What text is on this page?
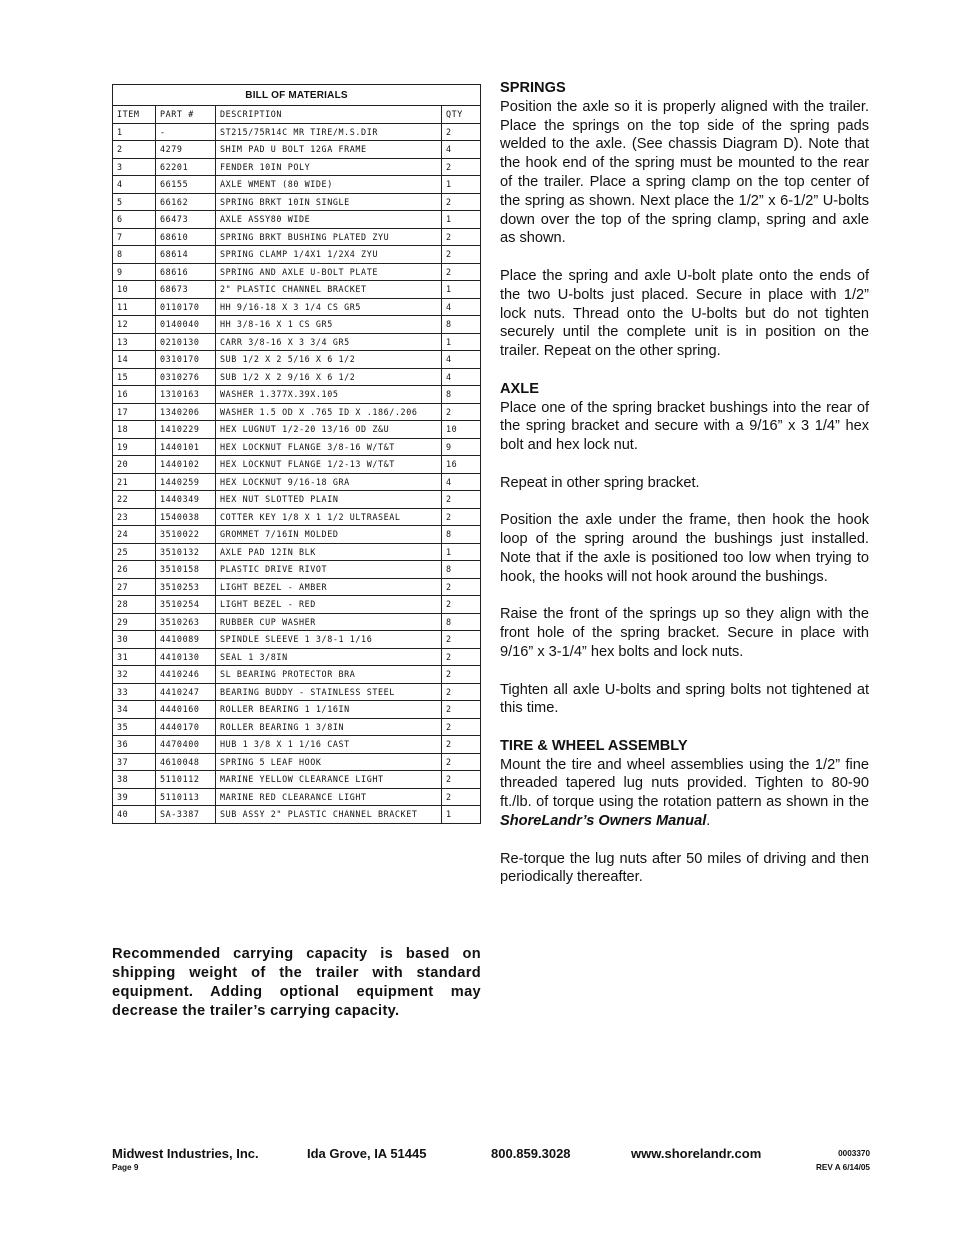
BILL OF MATERIALS			
ITEM	PART #	DESCRIPTION	QTY
1	-	ST215/75R14C MR TIRE/M.S.DIR	2
2	4279	SHIM PAD U BOLT 12GA FRAME	4
3	62201	FENDER 10IN POLY	2
4	66155	AXLE WMENT (80 WIDE)	1
5	66162	SPRING BRKT 10IN SINGLE	2
6	66473	AXLE ASSY80 WIDE	1
7	68610	SPRING BRKT BUSHING PLATED ZYU	2
8	68614	SPRING CLAMP 1/4X1 1/2X4 ZYU	2
9	68616	SPRING AND AXLE U-BOLT PLATE	2
10	68673	2" PLASTIC CHANNEL BRACKET	1
11	0110170	HH 9/16-18 X 3 1/4 CS GR5	4
12	0140040	HH 3/8-16 X 1 CS GR5	8
13	0210130	CARR 3/8-16 X 3 3/4 GR5	1
14	0310170	SUB 1/2 X 2 5/16 X 6 1/2	4
15	0310276	SUB 1/2 X 2 9/16 X 6 1/2	4
16	1310163	WASHER 1.377X.39X.105	8
17	1340206	WASHER 1.5 OD X .765 ID X .186/.206	2
18	1410229	HEX LUGNUT 1/2-20 13/16 OD Z&U	10
19	1440101	HEX LOCKNUT FLANGE 3/8-16 W/T&T	9
20	1440102	HEX LOCKNUT FLANGE 1/2-13 W/T&T	16
21	1440259	HEX LOCKNUT 9/16-18 GRA	4
22	1440349	HEX NUT SLOTTED PLAIN	2
23	1540038	COTTER KEY 1/8 X 1 1/2 ULTRASEAL	2
24	3510022	GROMMET 7/16IN MOLDED	8
25	3510132	AXLE PAD 12IN BLK	1
26	3510158	PLASTIC DRIVE RIVOT	8
27	3510253	LIGHT BEZEL - AMBER	2
28	3510254	LIGHT BEZEL - RED	2
29	3510263	RUBBER CUP WASHER	8
30	4410089	SPINDLE SLEEVE 1 3/8-1 1/16	2
31	4410130	SEAL 1 3/8IN	2
32	4410246	SL BEARING PROTECTOR BRA	2
33	4410247	BEARING BUDDY - STAINLESS STEEL	2
34	4440160	ROLLER BEARING 1 1/16IN	2
35	4440170	ROLLER BEARING 1 3/8IN	2
36	4470400	HUB 1 3/8 X 1 1/16 CAST	2
37	4610048	SPRING 5 LEAF HOOK	2
38	5110112	MARINE YELLOW CLEARANCE LIGHT	2
39	5110113	MARINE RED CLEARANCE LIGHT	2
40	SA-3387	SUB ASSY 2" PLASTIC CHANNEL BRACKET	1
SPRINGS

Position the axle so it is properly aligned with the trailer. Place the springs on the top side of the spring pads welded to the axle. (See chassis Diagram D). Note that the hook end of the spring must be mounted to the rear of the trailer. Place a spring clamp on the top center of the spring as shown. Next place the 1/2” x 6-1/2” U-bolts down over the top of the spring clamp, spring and axle as shown.

Place the spring and axle U-bolt plate onto the ends of the two U-bolts just placed. Secure in place with 1/2” lock nuts. Thread onto the U-bolts but do not tighten securely until the complete unit is in position on the trailer. Repeat on the other spring.

AXLE

Place one of the spring bracket bushings into the rear of the spring bracket and secure with a 9/16” x 3 1/4” hex bolt and hex lock nut.

Repeat in other spring bracket.

Position the axle under the frame, then hook the hook loop of the spring around the bushings just installed. Note that if the axle is positioned too low when trying to hook, the hooks will not hook around the bushings.

Raise the front of the springs up so they align with the front hole of the spring bracket. Secure in place with 9/16” x 3-1/4” hex bolts and lock nuts.

Tighten all axle U-bolts and spring bolts not tightened at this time.

TIRE & WHEEL ASSEMBLY

Mount the tire and wheel assemblies using the 1/2” fine threaded tapered lug nuts provided. Tighten to 80-90 ft./lb. of torque using the rotation pattern as shown in the ShoreLandr’s Owners Manual.

Re-torque the lug nuts after 50 miles of driving and then periodically thereafter.

Recommended carrying capacity is based on shipping weight of the trailer with standard equipment. Adding optional equipment may decrease the trailer’s carrying capacity.
Midwest Industries, Inc.	Ida Grove, IA 51445	800.859.3028	www.shorelandr.com	0003370
Page 9	REV A 6/14/05
